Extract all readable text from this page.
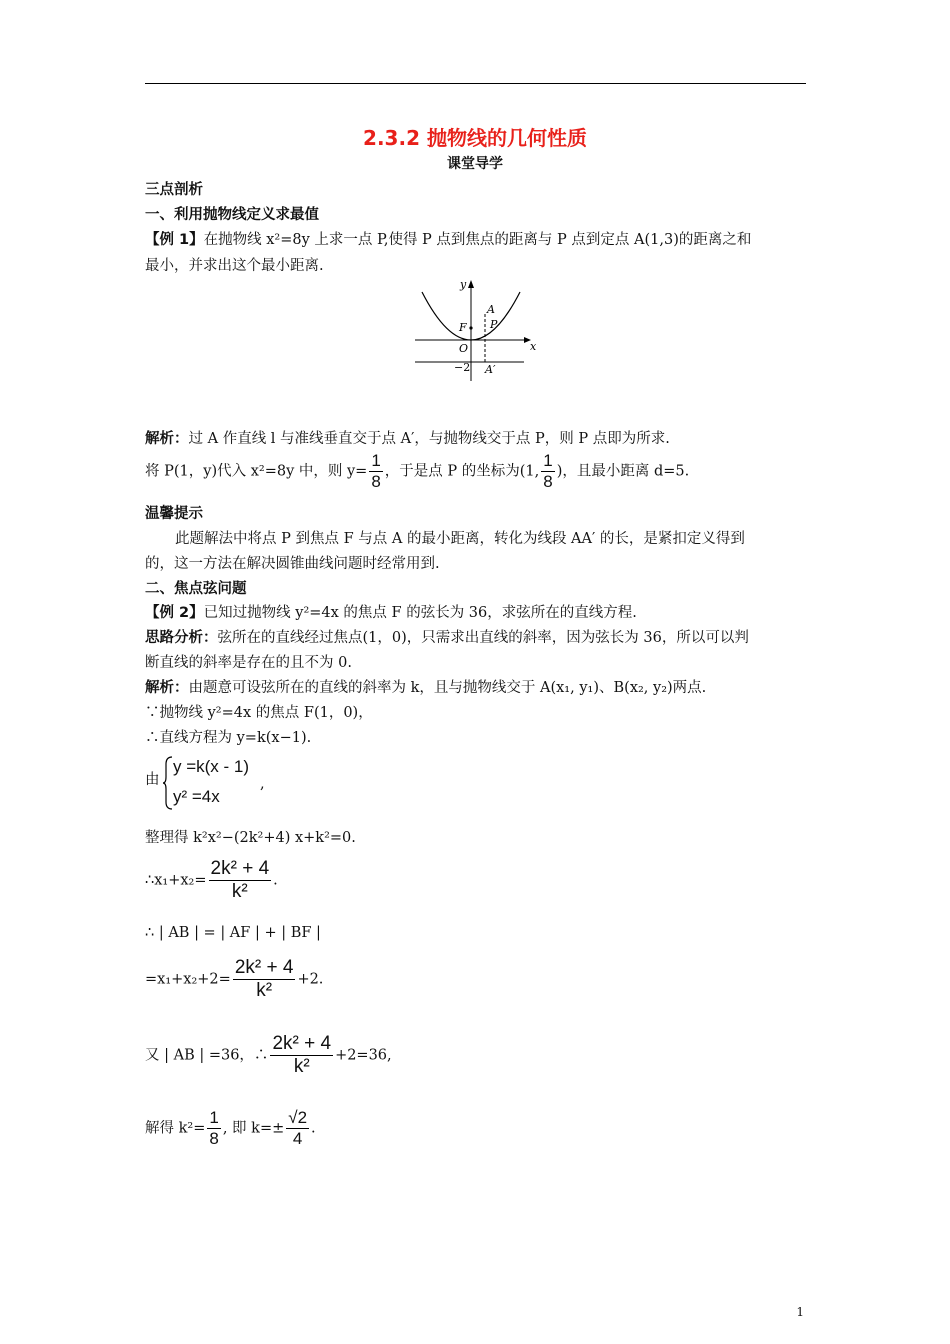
2.3.2 抛物线的几何性质
课堂导学
三点剖析
一、利用抛物线定义求最值
【例 1】在抛物线 x²=8y 上求一点 P,使得 P 点到焦点的距离与 P 点到定点 A(1,3)的距离之和
最小，并求出这个最小距离.
y
x
A
P
F
O
−2 A′
解析：过 A 作直线 l 与准线垂直交于点 A′，与抛物线交于点 P，则 P 点即为所求.
将 P(1，y)代入 x²=8y 中，则 $y= \frac{1}{8}$ ，于是点 P 的坐标为(1, $\frac{1}{8}$ )，且最小距离 d=5.
温馨提示
此题解法中将点 P 到焦点 F 与点 A 的最小距离，转化为线段 AA′ 的长，是紧扣定义得到
的，这一方法在解决圆锥曲线问题时经常用到.
二、焦点弦问题
【例 2】已知过抛物线 y²=4x 的焦点 F 的弦长为 36，求弦所在的直线方程.
思路分析：弦所在的直线经过焦点(1，0)，只需求出直线的斜率，因为弦长为 36，所以可以判
断直线的斜率是存在的且不为 0.
解析：由题意可设弦所在的直线的斜率为 k，且与抛物线交于 A(x₁, y₁)、B(x₂, y₂)两点.
∵抛物线 y²=4x 的焦点 F(1，0)，
∴直线方程为 y=k(x−1).
由
y =k(x - 1)
y² =4x
,
整理得 k²x²−(2k²+4) x+k²=0.
∴x₁+x₂= $\frac{\text{2k² + 4}}{\text{k²}}$ .
∴ | AB | = | AF | + | BF |
$=x_1+x_2+2= \frac{\text{2k² + 4}}{\text{k²}} +2$.
又 | AB | =36，∴ $\frac{\text{2k² + 4}}{\text{k²}} +2=36$,
解得 $k^2= \frac{1}{8}$ , 即 $k=\pm \frac{√2}{4}$ .
1
